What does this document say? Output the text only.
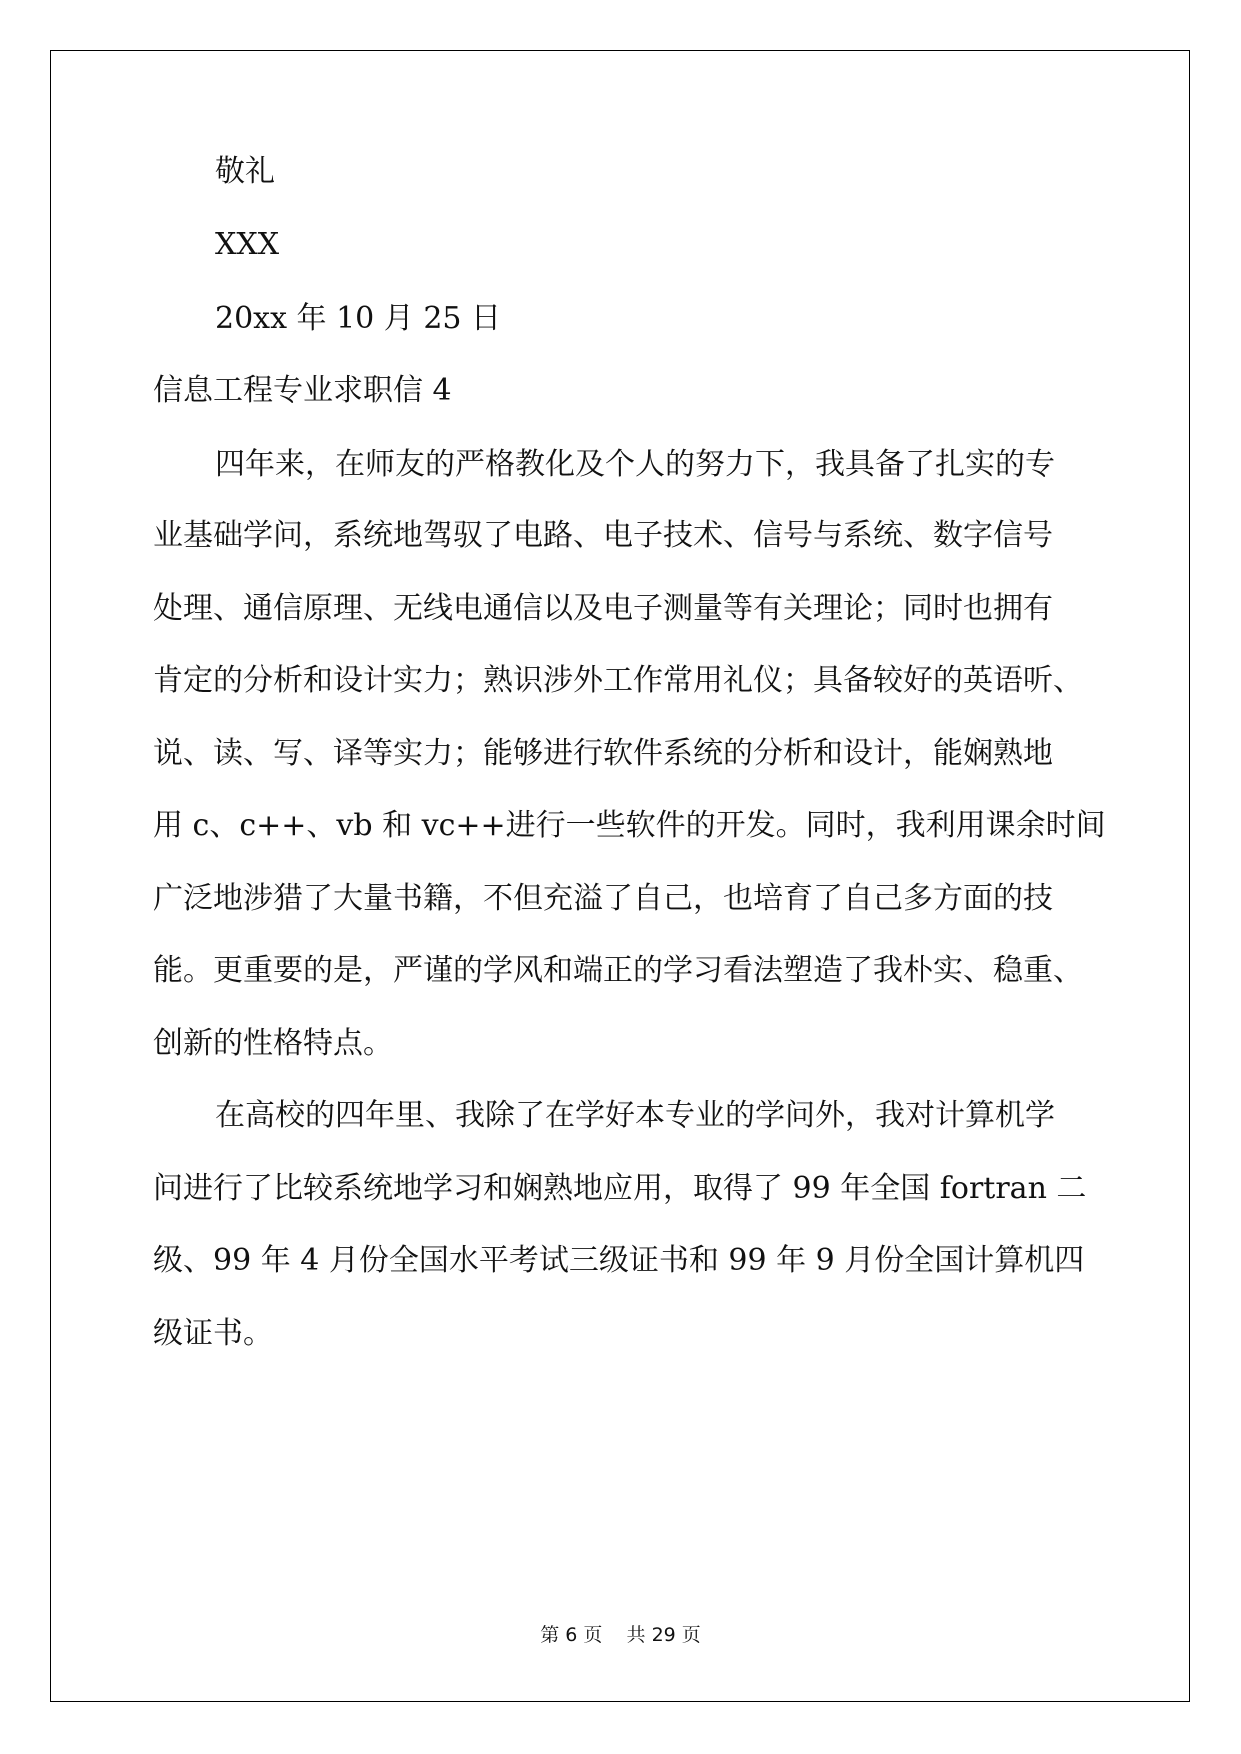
敬礼
XXX
20xx 年 10 月 25 日
信息工程专业求职信 4
四年来，在师友的严格教化及个人的努力下，我具备了扎实的专
业基础学问，系统地驾驭了电路、电子技术、信号与系统、数字信号
处理、通信原理、无线电通信以及电子测量等有关理论；同时也拥有
肯定的分析和设计实力；熟识涉外工作常用礼仪；具备较好的英语听、
说、读、写、译等实力；能够进行软件系统的分析和设计，能娴熟地
用 c、c++、vb 和 vc++进行一些软件的开发。同时，我利用课余时间
广泛地涉猎了大量书籍，不但充溢了自己，也培育了自己多方面的技
能。更重要的是，严谨的学风和端正的学习看法塑造了我朴实、稳重、
创新的性格特点。
在高校的四年里、我除了在学好本专业的学问外，我对计算机学
问进行了比较系统地学习和娴熟地应用，取得了 99 年全国 fortran 二
级、99 年 4 月份全国水平考试三级证书和 99 年 9 月份全国计算机四
级证书。
第 6 页    共 29 页
